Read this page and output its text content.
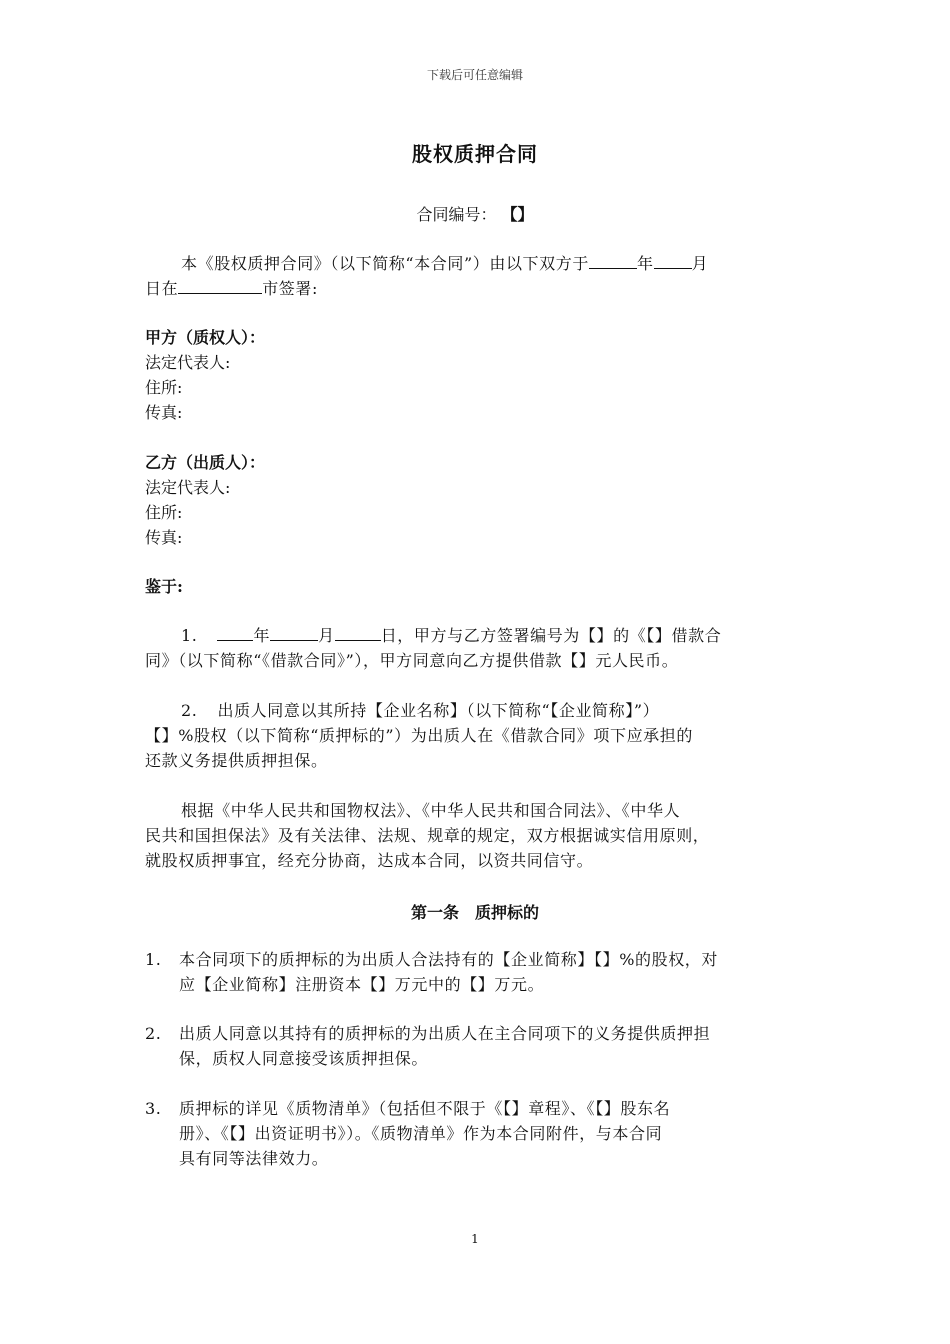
下载后可任意编辑
股权质押合同
合同编号： 【】
本《股权质押合同》（以下简称“本合同”）由以下双方于	年 月
日在	市签署:
甲方（质权人）：
法定代表人:
住所:
传真:
乙方（出质人）：
法定代表人:
住所:
传真:
鉴于:
1.	年	月	日，甲方与乙方签署编号为【】的《【】借款合
同》（以下简称“《借款合同》”），甲方同意向乙方提供借款【】元人民币。
2. 出质人同意以其所持【企业名称】（以下简称“【企业简称】”）
【】%股权（以下简称“质押标的”）为出质人在《借款合同》项下应承担的
还款义务提供质押担保。
根据《中华人民共和国物权法》、《中华人民共和国合同法》、《中华人
民共和国担保法》及有关法律、法规、规章的规定，双方根据诚实信用原则，
就股权质押事宜，经充分协商，达成本合同，以资共同信守。
第一条　质押标的
1. 本合同项下的质押标的为出质人合法持有的【企业简称】【】%的股权，对
应【企业简称】注册资本【】万元中的【】万元。
2. 出质人同意以其持有的质押标的为出质人在主合同项下的义务提供质押担
保，质权人同意接受该质押担保。
3. 质押标的详见《质物清单》（包括但不限于《【】章程》、《【】股东名
册》、《【】出资证明书》）。《质物清单》作为本合同附件，与本合同
具有同等法律效力。
1
